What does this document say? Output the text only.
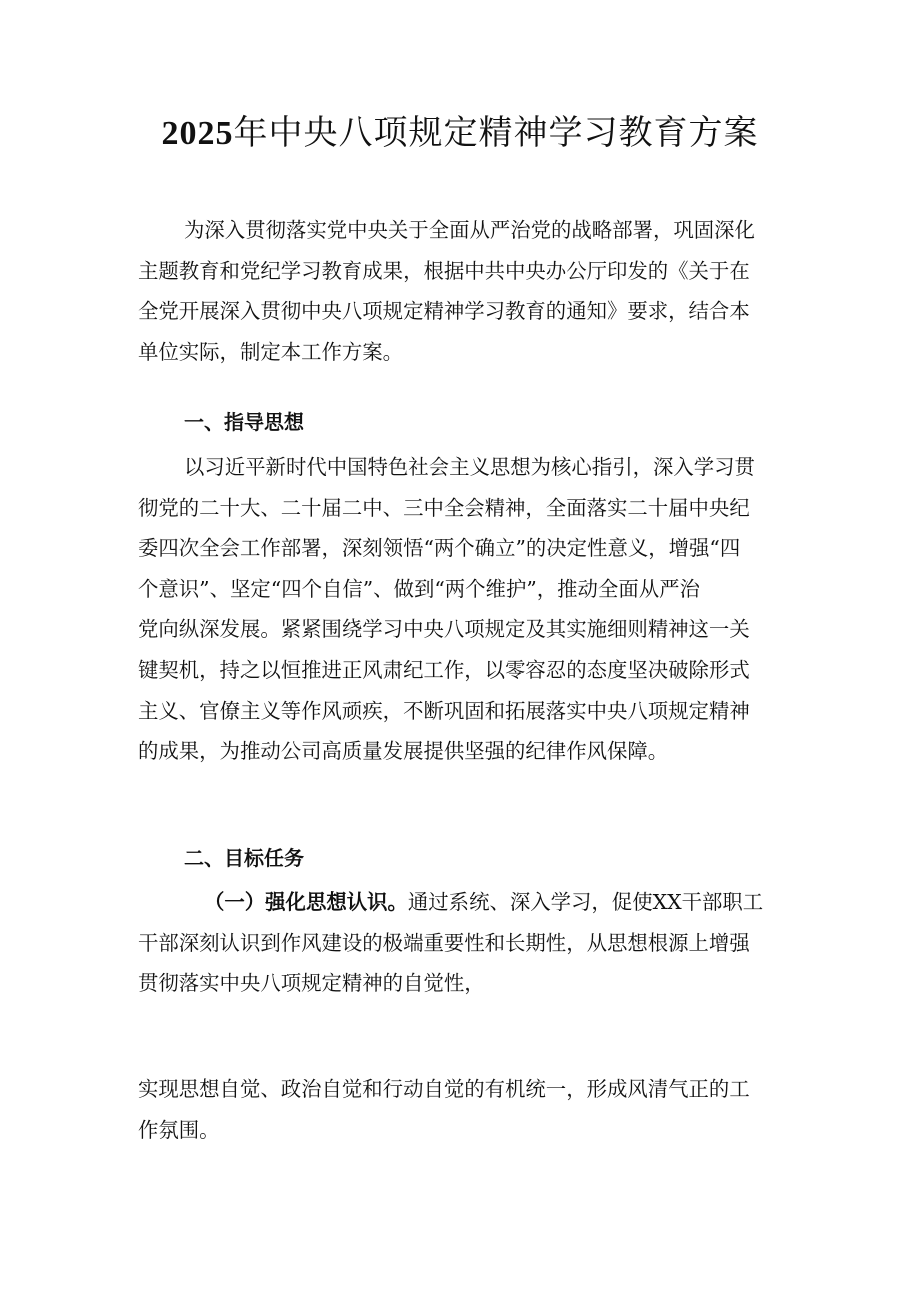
2025年中央八项规定精神学习教育方案
为深入贯彻落实党中央关于全面从严治党的战略部署，巩固深化
主题教育和党纪学习教育成果，根据中共中央办公厅印发的《关于在
全党开展深入贯彻中央八项规定精神学习教育的通知》要求，结合本
单位实际，制定本工作方案。
一、指导思想
以习近平新时代中国特色社会主义思想为核心指引，深入学习贯
彻党的二十大、二十届二中、三中全会精神，全面落实二十届中央纪
委四次全会工作部署，深刻领悟“两个确立”的决定性意义，增强“四
个意识”、坚定“四个自信”、做到“两个维护”，推动全面从严治
党向纵深发展。紧紧围绕学习中央八项规定及其实施细则精神这一关
键契机，持之以恒推进正风肃纪工作，以零容忍的态度坚决破除形式
主义、官僚主义等作风顽疾，不断巩固和拓展落实中央八项规定精神
的成果，为推动公司高质量发展提供坚强的纪律作风保障。
二、目标任务
（一）强化思想认识。通过系统、深入学习，促使XX干部职工
干部深刻认识到作风建设的极端重要性和长期性，从思想根源上增强
贯彻落实中央八项规定精神的自觉性，
实现思想自觉、政治自觉和行动自觉的有机统一，形成风清气正的工
作氛围。
